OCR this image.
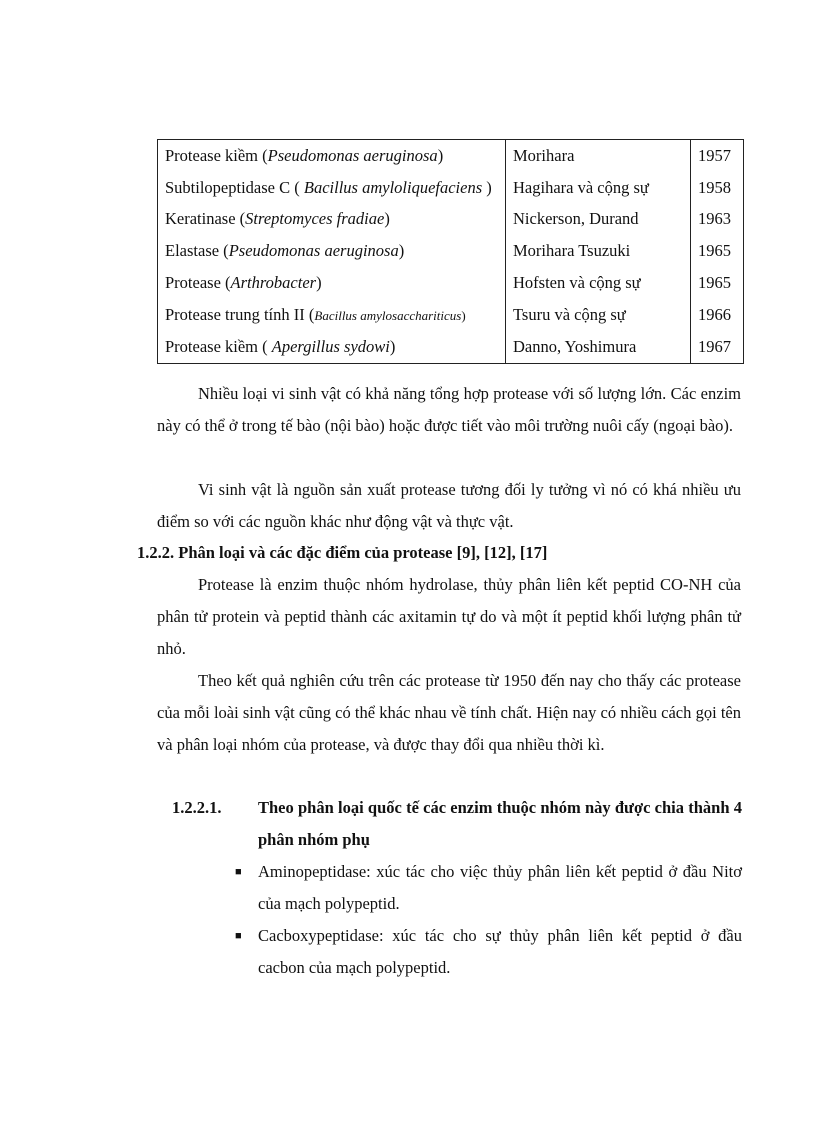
Protease kiềm (Pseudomonas aeruginosa)	Morihara	1957
Subtilopeptidase C ( Bacillus amyloliquefaciens )	Hagihara và cộng sự	1958
Keratinase (Streptomyces fradiae)	Nickerson, Durand	1963
Elastase (Pseudomonas aeruginosa)	Morihara Tsuzuki	1965
Protease (Arthrobacter)	Hofsten và cộng sự	1965
Protease trung tính II (Bacillus amylosacchariticus)	Tsuru và cộng sự	1966
Protease kiềm ( Apergillus sydowi)	Danno, Yoshimura	1967

Nhiều loại vi sinh vật có khả năng tổng hợp protease với số lượng lớn. Các enzim này có thể ở trong tế bào (nội bào) hoặc được tiết vào môi trường nuôi cấy (ngoại bào).

Vi sinh vật là nguồn sản xuất protease tương đối ly tưởng vì nó có khá nhiều ưu điểm so với các nguồn khác như động vật và thực vật.

1.2.2. Phân loại và các đặc điểm của protease [9], [12], [17]

Protease là enzim thuộc nhóm hydrolase, thủy phân liên kết peptid CO-NH của phân tử protein và peptid thành các axitamin tự do và một ít peptid khối lượng phân tử nhỏ.

Theo kết quả nghiên cứu trên các protease từ 1950 đến nay cho thấy các protease của mỗi loài sinh vật cũng có thể khác nhau về tính chất. Hiện nay có nhiều cách gọi tên và phân loại nhóm của protease, và được thay đổi qua nhiều thời kì.

1.2.2.1. Theo phân loại quốc tế các enzim thuộc nhóm này được chia thành 4 phân nhóm phụ

■ Aminopeptidase: xúc tác cho việc thủy phân liên kết peptid ở đầu Nitơ của mạch polypeptid.

■ Cacboxypeptidase: xúc tác cho sự thủy phân liên kết peptid ở đầu cacbon của mạch polypeptid.
